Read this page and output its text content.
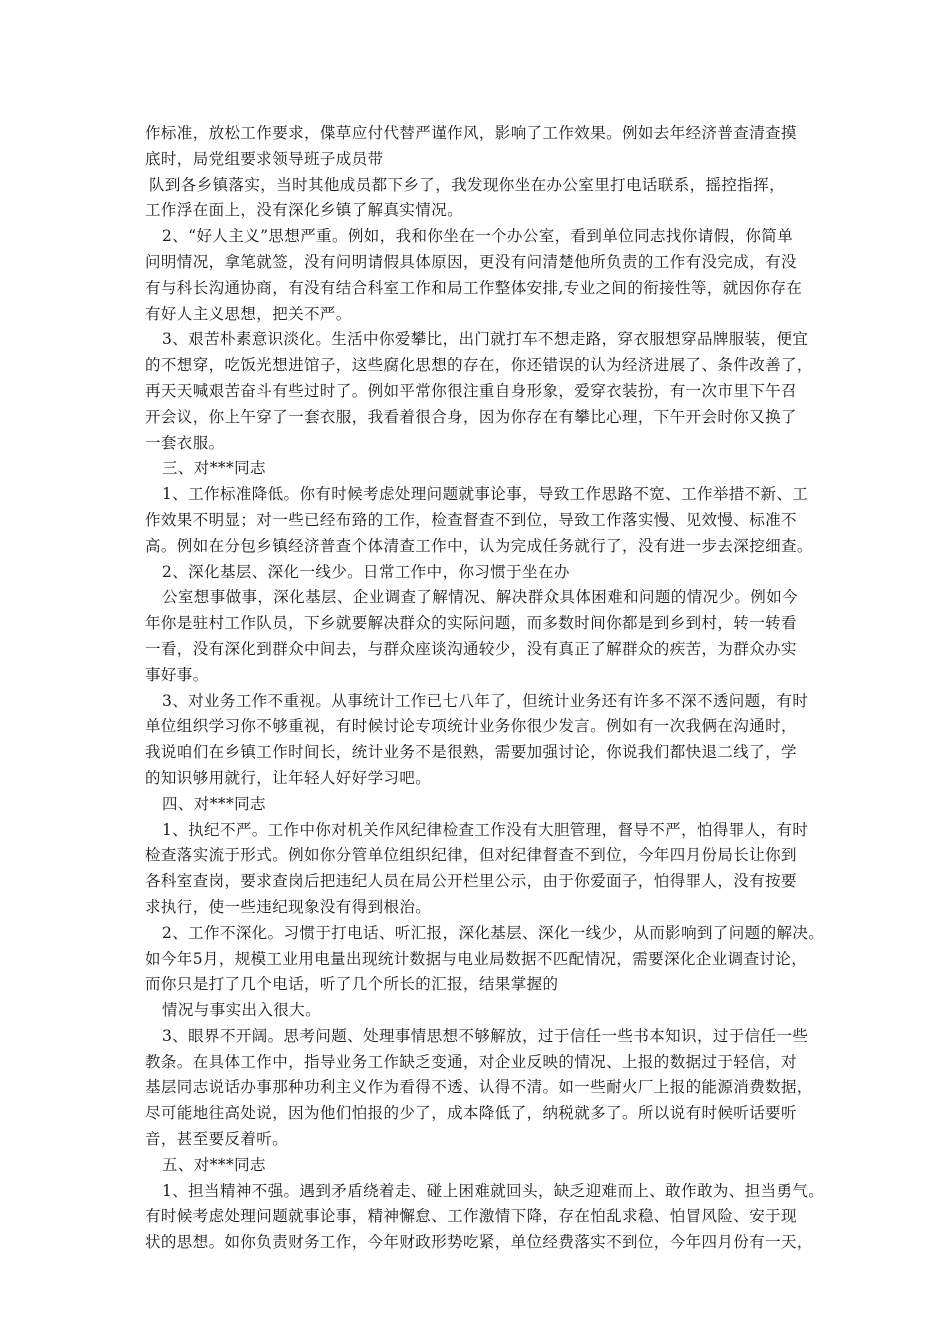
作标准，放松工作要求，偞草应付代替严谨作风，影响了工作效果。例如去年经济普查清查摸
底时，局党组要求领导班子成员带
队到各乡镇落实，当时其他成员都下乡了，我发现你坐在办公室里打电话联系，摇控指挥，
工作浮在面上，没有深化乡镇了解真实情况。
2、“好人主义”思想严重。例如，我和你坐在一个办公室，看到单位同志找你请假，你简单
问明情况，拿笔就签，没有问明请假具体原因，更没有问清楚他所负责的工作有没完成，有没
有与科长沟通协商，有没有结合科室工作和局工作整体安排,专业之间的衔接性等，就因你存在
有好人主义思想，把关不严。
3、艰苦朴素意识淡化。生活中你爱攀比，出门就打车不想走路，穿衣服想穿品牌服装，便宜
的不想穿，吃饭光想进馆子，这些腐化思想的存在，你还错误的认为经济进展了、条件改善了，
再天天喊艰苦奋斗有些过时了。例如平常你很注重自身形象，爱穿衣装扮，有一次市里下午召
开会议，你上午穿了一套衣服，我看着很合身，因为你存在有攀比心理，下午开会时你又换了
一套衣服。
三、对***同志
1、工作标准降低。你有时候考虑处理问题就事论事，导致工作思路不宽、工作举措不新、工
作效果不明显；对一些已经布臵的工作，检查督查不到位，导致工作落实慢、见效慢、标准不
高。例如在分包乡镇经济普查个体清查工作中，认为完成任务就行了，没有进一步去深挖细查。
2、深化基层、深化一线少。日常工作中，你习惯于坐在办
公室想事做事，深化基层、企业调查了解情况、解决群众具体困难和问题的情况少。例如今
年你是驻村工作队员，下乡就要解决群众的实际问题，而多数时间你都是到乡到村，转一转看
一看，没有深化到群众中间去，与群众座谈沟通较少，没有真正了解群众的疾苦，为群众办实
事好事。
3、对业务工作不重视。从事统计工作已七八年了，但统计业务还有许多不深不透问题，有时
单位组织学习你不够重视，有时候讨论专项统计业务你很少发言。例如有一次我俩在沟通时，
我说咱们在乡镇工作时间长，统计业务不是很熟，需要加强讨论，你说我们都快退二线了，学
的知识够用就行，让年轻人好好学习吧。
四、对***同志
1、执纪不严。工作中你对机关作风纪律检查工作没有大胆管理，督导不严，怕得罪人，有时
检查落实流于形式。例如你分管单位组织纪律，但对纪律督查不到位，今年四月份局长让你到
各科室查岗，要求查岗后把违纪人员在局公开栏里公示，由于你爱面子，怕得罪人，没有按要
求执行，使一些违纪现象没有得到根治。
2、工作不深化。习惯于打电话、听汇报，深化基层、深化一线少，从而影响到了问题的解决。
如今年5月，规模工业用电量出现统计数据与电业局数据不匹配情况，需要深化企业调查讨论，
而你只是打了几个电话，听了几个所长的汇报，结果掌握的
情况与事实出入很大。
3、眼界不开阔。思考问题、处理事情思想不够解放，过于信任一些书本知识，过于信任一些
教条。在具体工作中，指导业务工作缺乏变通，对企业反映的情况、上报的数据过于轻信，对
基层同志说话办事那种功利主义作为看得不透、认得不清。如一些耐火厂上报的能源消费数据，
尽可能地往高处说，因为他们怕报的少了，成本降低了，纳税就多了。所以说有时候听话要听
音，甚至要反着听。
五、对***同志
1、担当精神不强。遇到矛盾绕着走、碰上困难就回头，缺乏迎难而上、敢作敢为、担当勇气。
有时候考虑处理问题就事论事，精神懈怠、工作激情下降，存在怕乱求稳、怕冒风险、安于现
状的思想。如你负责财务工作，今年财政形势吃紧，单位经费落实不到位，今年四月份有一天，
